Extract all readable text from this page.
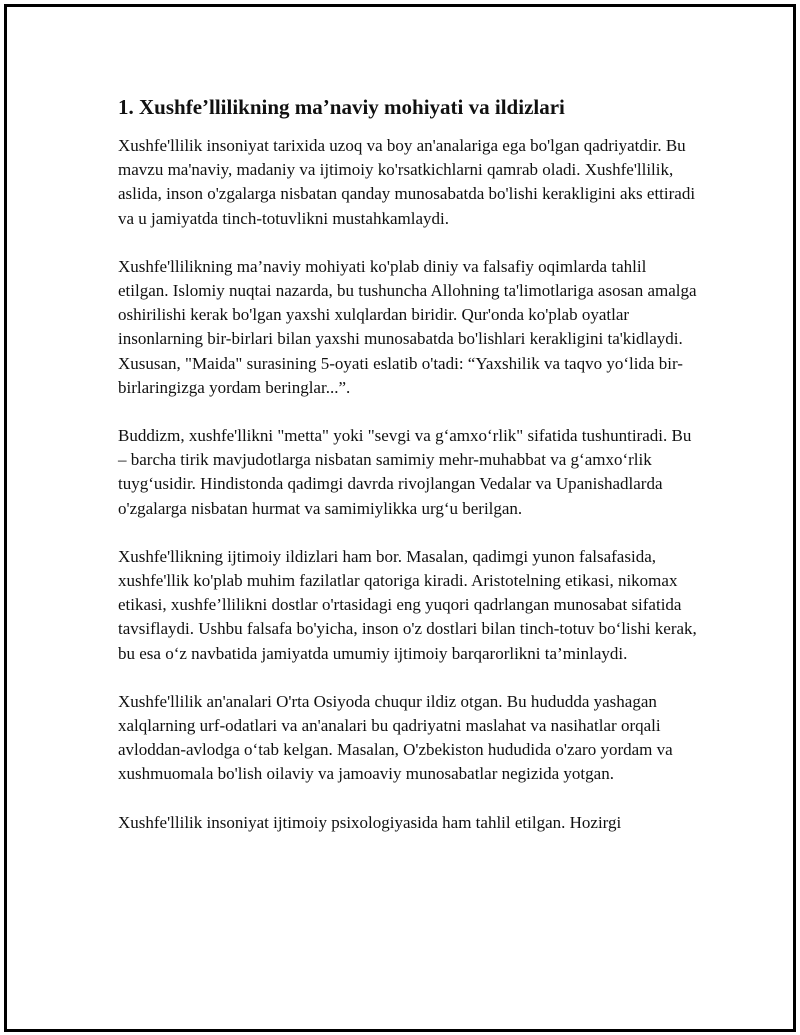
1. Xushfe’llilikning ma’naviy mohiyati va ildizlari

Xushfe'llilik insoniyat tarixida uzoq va boy an'analariga ega bo'lgan qadriyatdir. Bu mavzu ma'naviy, madaniy va ijtimoiy ko'rsatkichlarni qamrab oladi. Xushfe'llilik, aslida, inson o'zgalarga nisbatan qanday munosabatda bo'lishi kerakligini aks ettiradi va u jamiyatda tinch-totuvlikni mustahkamlaydi.

Xushfe'llilikning ma’naviy mohiyati ko'plab diniy va falsafiy oqimlarda tahlil etilgan. Islomiy nuqtai nazarda, bu tushuncha Allohning ta'limotlariga asosan amalga oshirilishi kerak bo'lgan yaxshi xulqlardan biridir. Qur'onda ko'plab oyatlar insonlarning bir-birlari bilan yaxshi munosabatda bo'lishlari kerakligini ta'kidlaydi. Xususan, "Maida" surasining 5-oyati eslatib o'tadi: “Yaxshilik va taqvo yo‘lida bir-birlaringizga yordam beringlar...”.

Buddizm, xushfe'llikni "metta" yoki "sevgi va g‘amxo‘rlik" sifatida tushuntiradi. Bu – barcha tirik mavjudotlarga nisbatan samimiy mehr-muhabbat va g‘amxo‘rlik tuyg‘usidir. Hindistonda qadimgi davrda rivojlangan Vedalar va Upanishadlarda o'zgalarga nisbatan hurmat va samimiylikka urg‘u berilgan.

Xushfe'llikning ijtimoiy ildizlari ham bor. Masalan, qadimgi yunon falsafasida, xushfe'llik ko'plab muhim fazilatlar qatoriga kiradi. Aristotelning etikasi, nikomax etikasi, xushfe’llilikni dostlar o'rtasidagi eng yuqori qadrlangan munosabat sifatida tavsiflaydi. Ushbu falsafa bo'yicha, inson o'z dostlari bilan tinch-totuv bo‘lishi kerak, bu esa o‘z navbatida jamiyatda umumiy ijtimoiy barqarorlikni ta’minlaydi.

Xushfe'llilik an'analari O'rta Osiyoda chuqur ildiz otgan. Bu hududda yashagan xalqlarning urf-odatlari va an'analari bu qadriyatni maslahat va nasihatlar orqali avloddan-avlodga o‘tab kelgan. Masalan, O'zbekiston hududida o'zaro yordam va xushmuomala bo'lish oilaviy va jamoaviy munosabatlar negizida yotgan.

Xushfe'llilik insoniyat ijtimoiy psixologiyasida ham tahlil etilgan. Hozirgi
